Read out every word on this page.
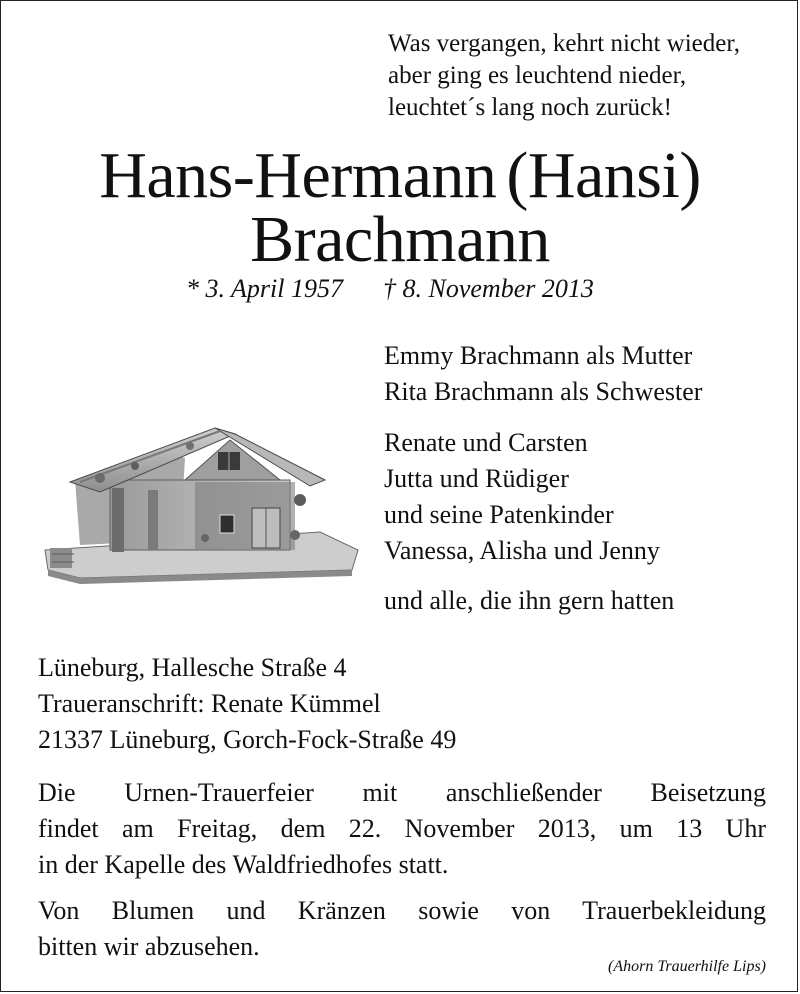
Was vergangen, kehrt nicht wieder,
aber ging es leuchtend nieder,
leuchtet´s lang noch zurück!
Hans-Hermann (Hansi)
Brachmann
* 3. April 1957 † 8. November 2013
Emmy Brachmann als Mutter
Rita Brachmann als Schwester
Renate und Carsten
Jutta und Rüdiger
und seine Patenkinder
Vanessa, Alisha und Jenny
und alle, die ihn gern hatten
Lüneburg, Hallesche Straße 4
Traueranschrift: Renate Kümmel
21337 Lüneburg, Gorch-Fock-Straße 49
Die Urnen-Trauerfeier mit anschließender Beisetzung
findet am Freitag, dem 22. November 2013, um 13 Uhr
in der Kapelle des Waldfriedhofes statt.
Von Blumen und Kränzen sowie von Trauerbekleidung
bitten wir abzusehen.
(Ahorn Trauerhilfe Lips)
